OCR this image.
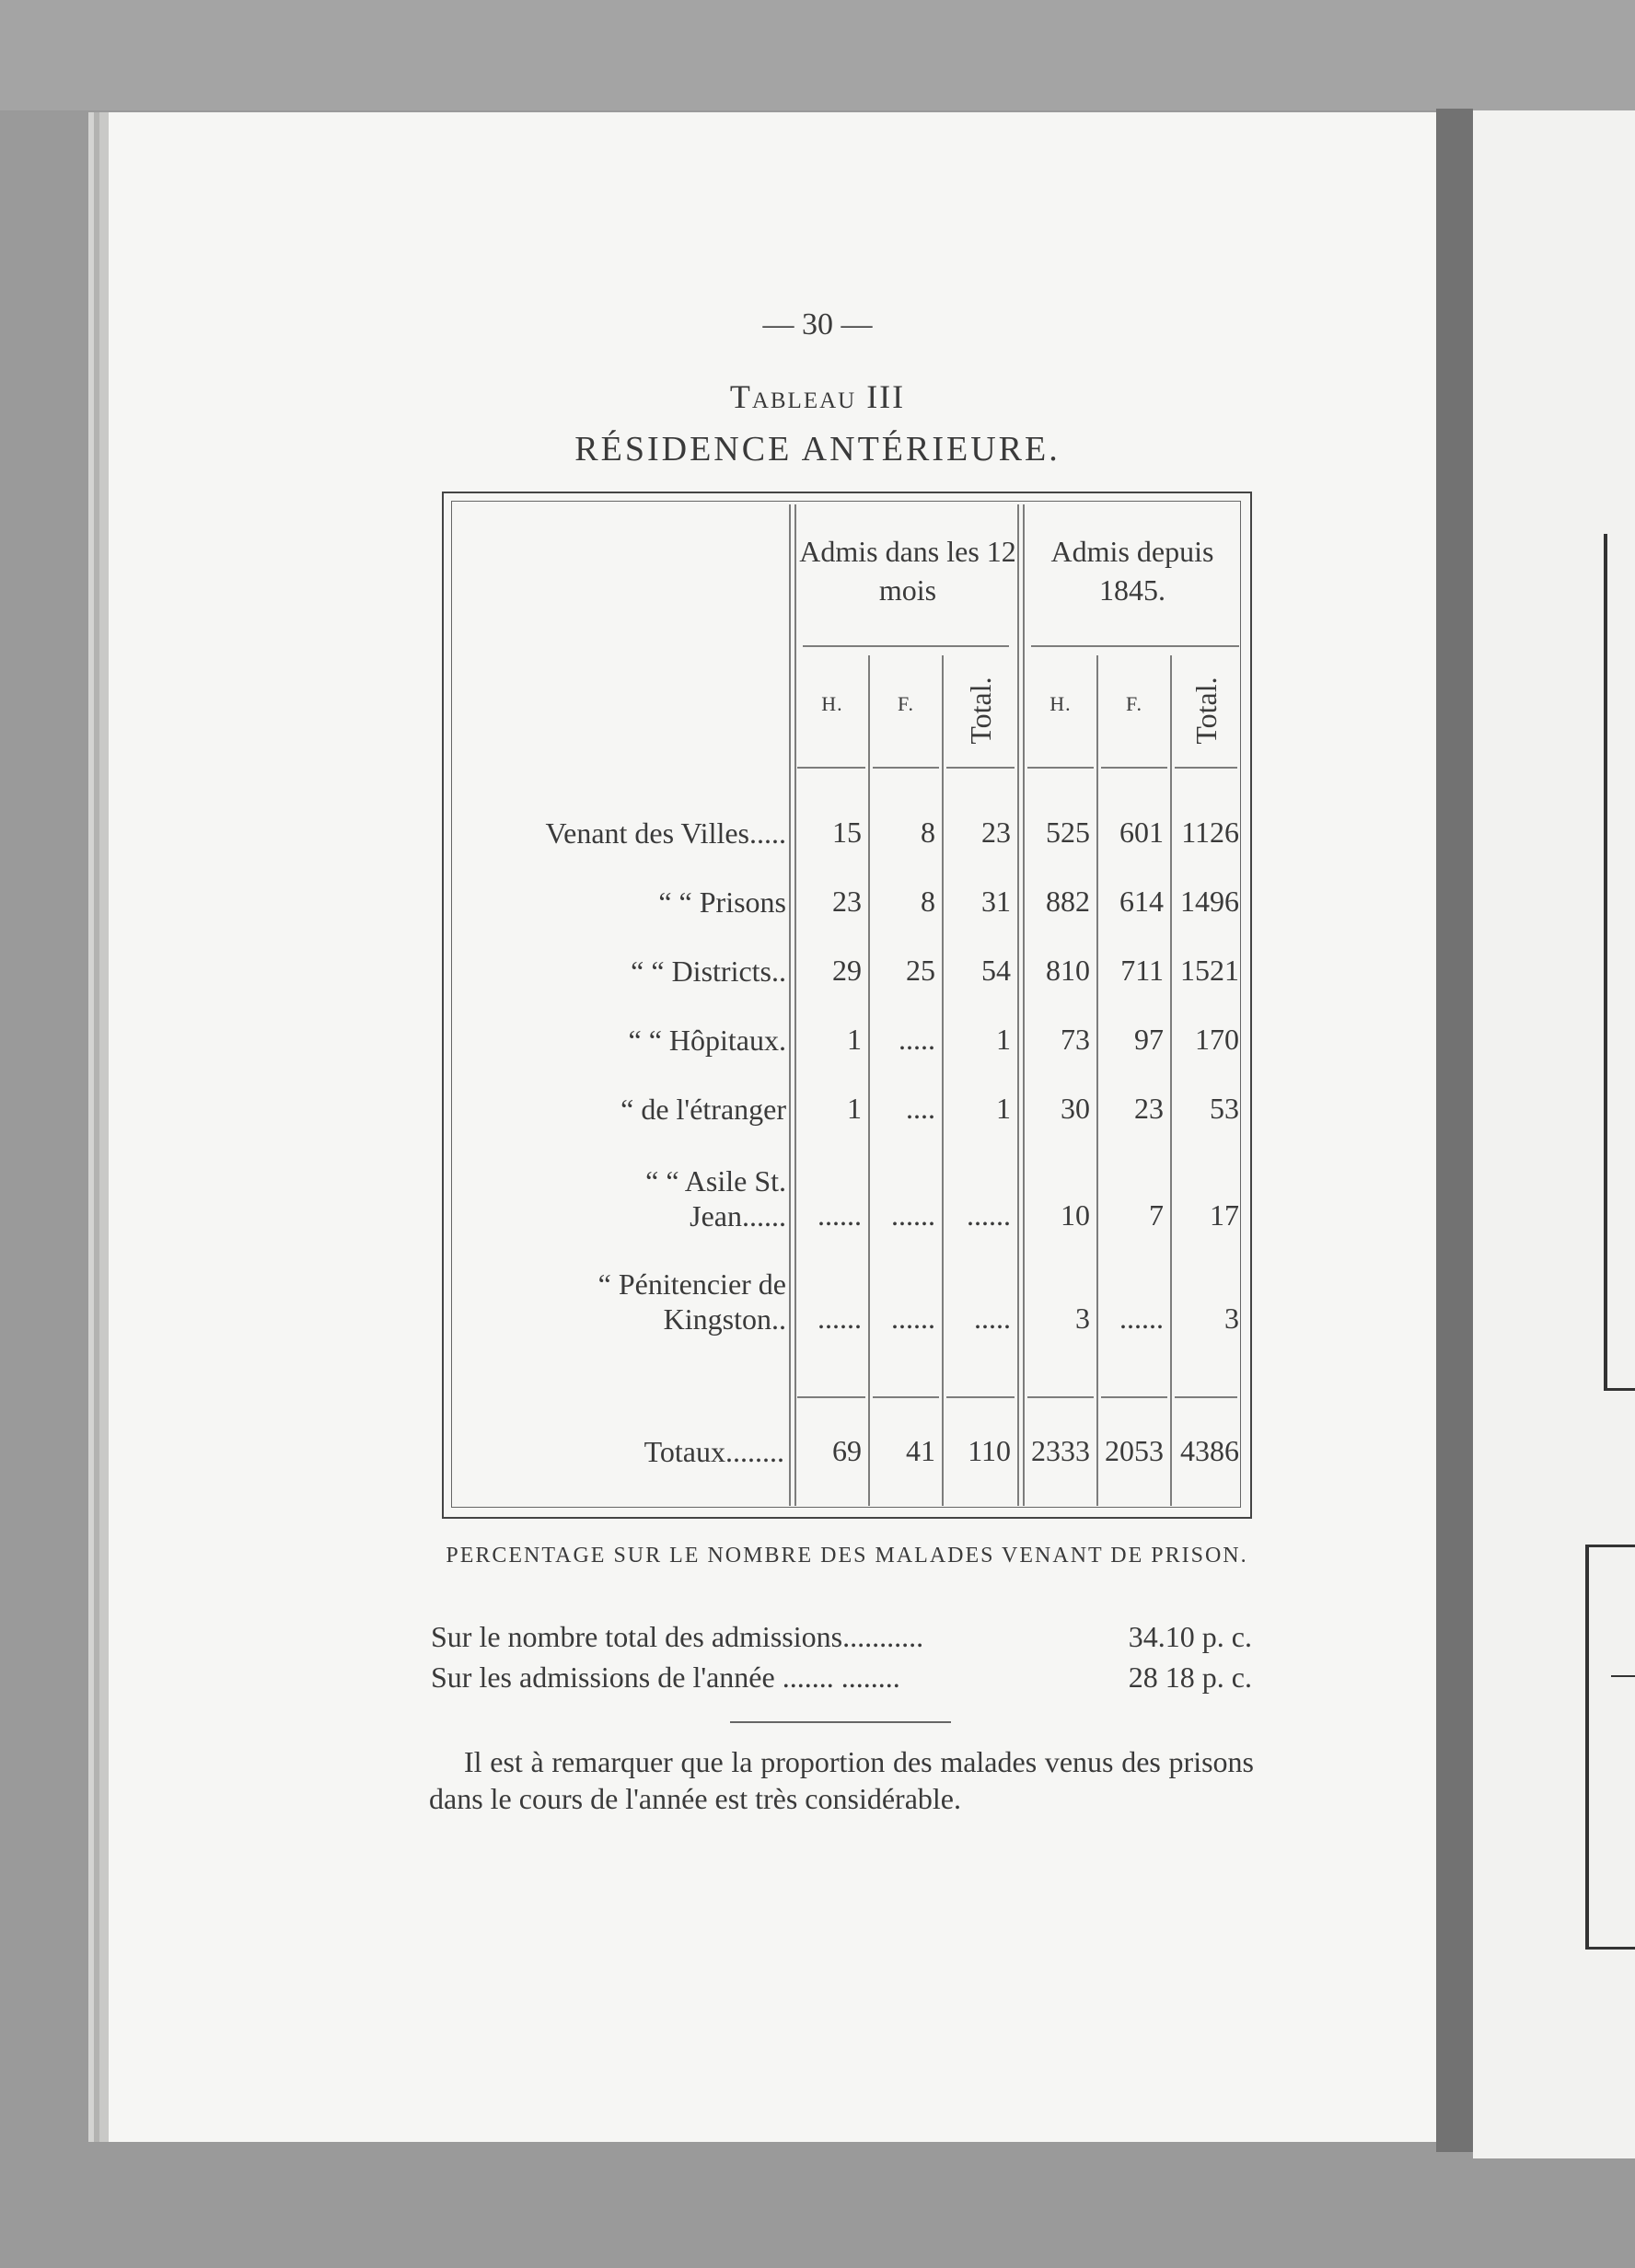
— 30 —
Tableau III
RÉSIDENCE ANTÉRIEURE.
Admis dans les 12 mois
Admis depuis 1845.
H.	F.	Total.	H.	F.	Total.
Venant des Villes.....	15	8	23	525	601 1126
“ “ Prisons	23	8	31	882	614 1496
“ “ Districts..	29	25	54	810	711 1521
“ “ Hôpitaux.	1	.....	1	73	97	170
“ de l'étranger	1	....	1	30	23	53
“ “ Asile St.
Jean......	......	......	......	10	7	17
“ Pénitencier de
Kingston..	......	......	.....	3	......	3
Totaux........	69	41	110 2333 2053 4386
PERCENTAGE SUR LE NOMBRE DES MALADES VENANT DE PRISON.
Sur le nombre total des admissions...........	34.10 p. c.
Sur les admissions de l'année ....... ........	28 18 p. c.
Il est à remarquer que la proportion des malades venus des prisons dans le cours de l'année est très considérable.
